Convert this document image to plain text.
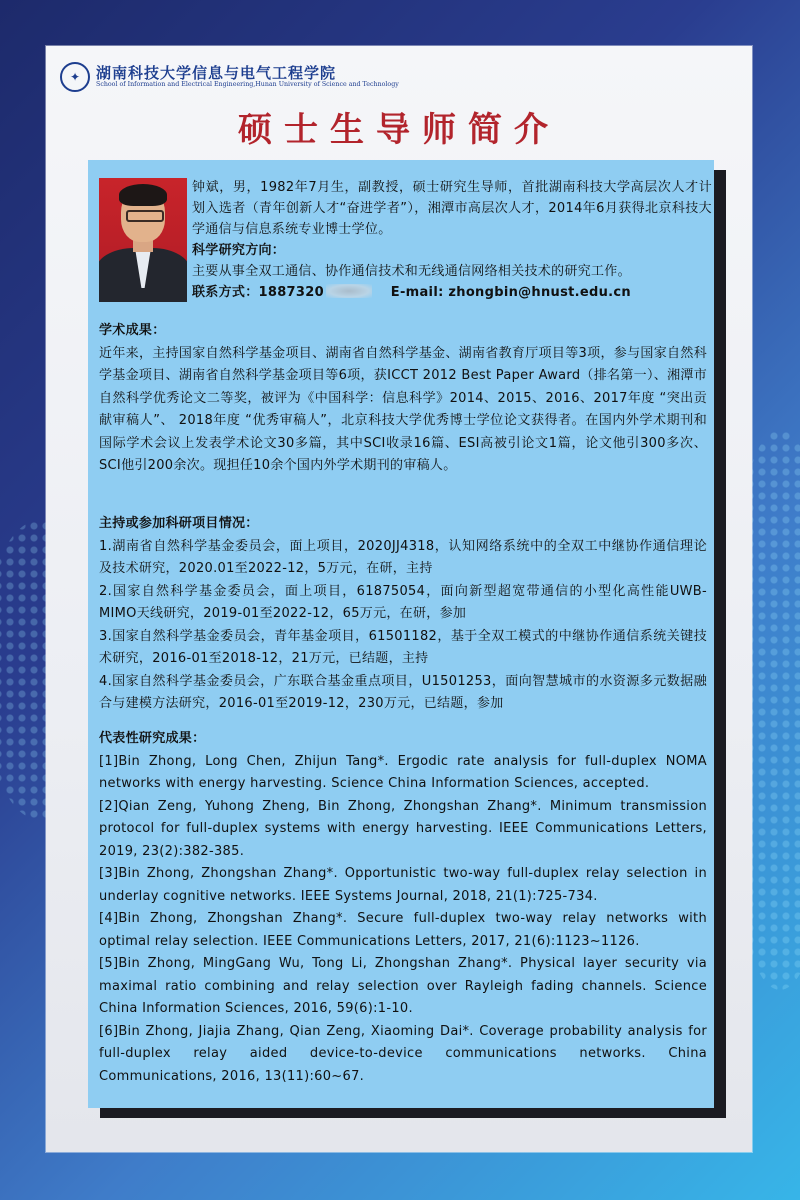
✦	湖南科技大学信息与电气工程学院
School of Information and Electrical Engineering,Hunan University of Science and Technology
硕士生导师简介
钟斌，男，1982年7月生，副教授，硕士研究生导师，首批湖南科技大学高层次人才计划入选者（青年创新人才“奋进学者”），湘潭市高层次人才，2014年6月获得北京科技大学通信与信息系统专业博士学位。
科学研究方向：
主要从事全双工通信、协作通信技术和无线通信网络相关技术的研究工作。
联系方式：1887320	E-mail: zhongbin@hnust.edu.cn
学术成果：
近年来，主持国家自然科学基金项目、湖南省自然科学基金、湖南省教育厅项目等3项，参与国家自然科学基金项目、湖南省自然科学基金项目等6项，获ICCT 2012 Best Paper Award（排名第一）、湘潭市自然科学优秀论文二等奖，被评为《中国科学：信息科学》2014、2015、2016、2017年度 “突出贡献审稿人”、 2018年度 “优秀审稿人”，北京科技大学优秀博士学位论文获得者。在国内外学术期刊和国际学术会议上发表学术论文30多篇，其中SCI收录16篇、ESI高被引论文1篇，论文他引300多次、SCI他引200余次。现担任10余个国内外学术期刊的审稿人。
主持或参加科研项目情况：
1.湖南省自然科学基金委员会，面上项目，2020JJ4318，认知网络系统中的全双工中继协作通信理论及技术研究，2020.01至2022-12，5万元，在研，主持
2.国家自然科学基金委员会，面上项目，61875054，面向新型超宽带通信的小型化高性能UWB-MIMO天线研究，2019-01至2022-12，65万元，在研，参加
3.国家自然科学基金委员会，青年基金项目，61501182，基于全双工模式的中继协作通信系统关键技术研究，2016-01至2018-12，21万元，已结题，主持
4.国家自然科学基金委员会，广东联合基金重点项目，U1501253，面向智慧城市的水资源多元数据融合与建模方法研究，2016-01至2019-12，230万元，已结题，参加
代表性研究成果：
[1]Bin Zhong, Long Chen, Zhijun Tang*. Ergodic rate analysis for full-duplex NOMA networks with energy harvesting. Science China Information Sciences, accepted.
[2]Qian Zeng, Yuhong Zheng, Bin Zhong, Zhongshan Zhang*. Minimum transmission protocol for full-duplex systems with energy harvesting. IEEE Communications Letters, 2019, 23(2):382-385.
[3]Bin Zhong, Zhongshan Zhang*. Opportunistic two-way full-duplex relay selection in underlay cognitive networks. IEEE Systems Journal, 2018, 21(1):725-734.
[4]Bin Zhong, Zhongshan Zhang*. Secure full-duplex two-way relay networks with optimal relay selection. IEEE Communications Letters, 2017, 21(6):1123~1126.
[5]Bin Zhong, MingGang Wu, Tong Li, Zhongshan Zhang*. Physical layer security via maximal ratio combining and relay selection over Rayleigh fading channels. Science China Information Sciences, 2016, 59(6):1-10.
[6]Bin Zhong, Jiajia Zhang, Qian Zeng, Xiaoming Dai*. Coverage probability analysis for full-duplex relay aided device-to-device communications networks. China Communications, 2016, 13(11):60~67.
